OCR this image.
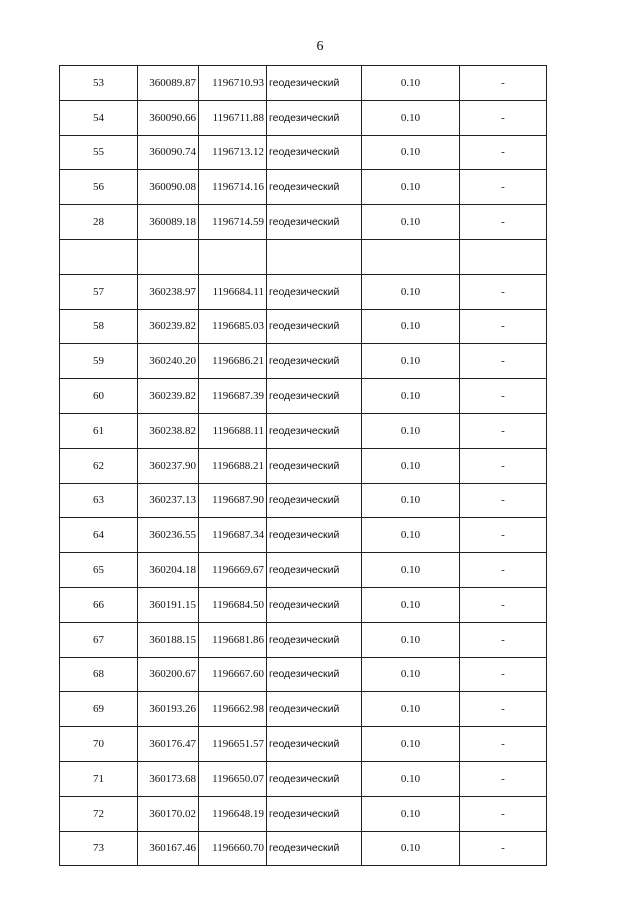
6
53	360089.87	1196710.93	геодезический	0.10	-
54	360090.66	1196711.88	геодезический	0.10	-
55	360090.74	1196713.12	геодезический	0.10	-
56	360090.08	1196714.16	геодезический	0.10	-
28	360089.18	1196714.59	геодезический	0.10	-

57	360238.97	1196684.11	геодезический	0.10	-
58	360239.82	1196685.03	геодезический	0.10	-
59	360240.20	1196686.21	геодезический	0.10	-
60	360239.82	1196687.39	геодезический	0.10	-
61	360238.82	1196688.11	геодезический	0.10	-
62	360237.90	1196688.21	геодезический	0.10	-
63	360237.13	1196687.90	геодезический	0.10	-
64	360236.55	1196687.34	геодезический	0.10	-
65	360204.18	1196669.67	геодезический	0.10	-
66	360191.15	1196684.50	геодезический	0.10	-
67	360188.15	1196681.86	геодезический	0.10	-
68	360200.67	1196667.60	геодезический	0.10	-
69	360193.26	1196662.98	геодезический	0.10	-
70	360176.47	1196651.57	геодезический	0.10	-
71	360173.68	1196650.07	геодезический	0.10	-
72	360170.02	1196648.19	геодезический	0.10	-
73	360167.46	1196660.70	геодезический	0.10	-
